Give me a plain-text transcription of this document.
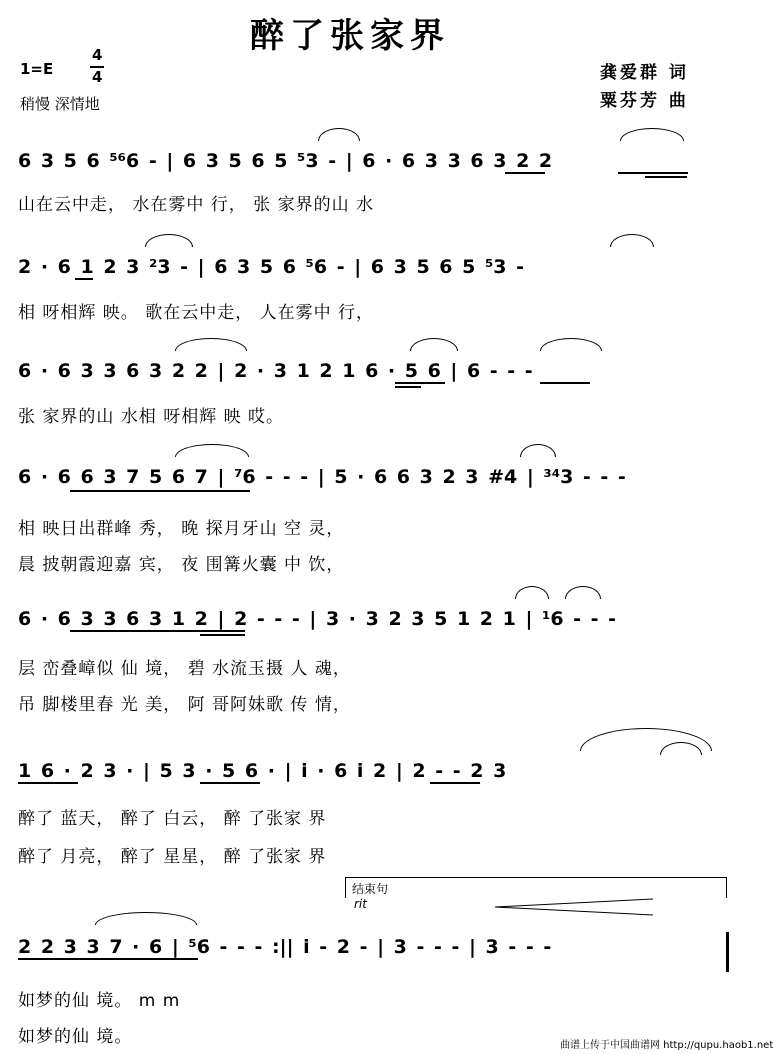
醉了张家界
1=E
4
4
稍慢 深情地
龚爱群 词
粟芬芳 曲
6 3 5 6 ⁵⁶6 - | 6 3 5 6 5 ⁵3 - | 6 · 6 3 3 6 3 2 2
山在云中走， 水在雾中 行， 张 家界的山 水
2 · 6 1 2 3 ²3 - | 6 3 5 6 ⁵6 - | 6 3 5 6 5 ⁵3 -
相 呀相辉 映。 歌在云中走， 人在雾中 行，
6 · 6 3 3 6 3 2 2 | 2 · 3 1 2 1 6 · 5 6 | 6 - - -
张 家界的山 水相 呀相辉 映 哎。
6 · 6 6 3 7 5 6 7 | ⁷6 - - - | 5 · 6 6 3 2 3 #4 | ³⁴3 - - -
相 映日出群峰 秀， 晚 探月牙山 空 灵，
晨 披朝霞迎嘉 宾， 夜 围篝火囊 中 饮，
6 · 6 3 3 6 3 1 2 | 2 - - - | 3 · 3 2 3 5 1 2 1 | ¹6 - - -
层 峦叠嶂似 仙 境， 碧 水流玉摄 人 魂，
吊 脚楼里春 光 美， 阿 哥阿妹歌 传 情，
1 6 · 2 3 · | 5 3 · 5 6 · | i · 6 i 2 | 2 - - 2 3
醉了 蓝天， 醉了 白云， 醉 了张家 界
醉了 月亮， 醉了 星星， 醉 了张家 界
结束句
rit
2 2 3 3 7 · 6 | ⁵6 - - - :|| i - 2 - | 3 - - - | 3 - - -
如梦的仙 境。 m m
如梦的仙 境。	曲谱上传于中国曲谱网 http://qupu.haob1.net
